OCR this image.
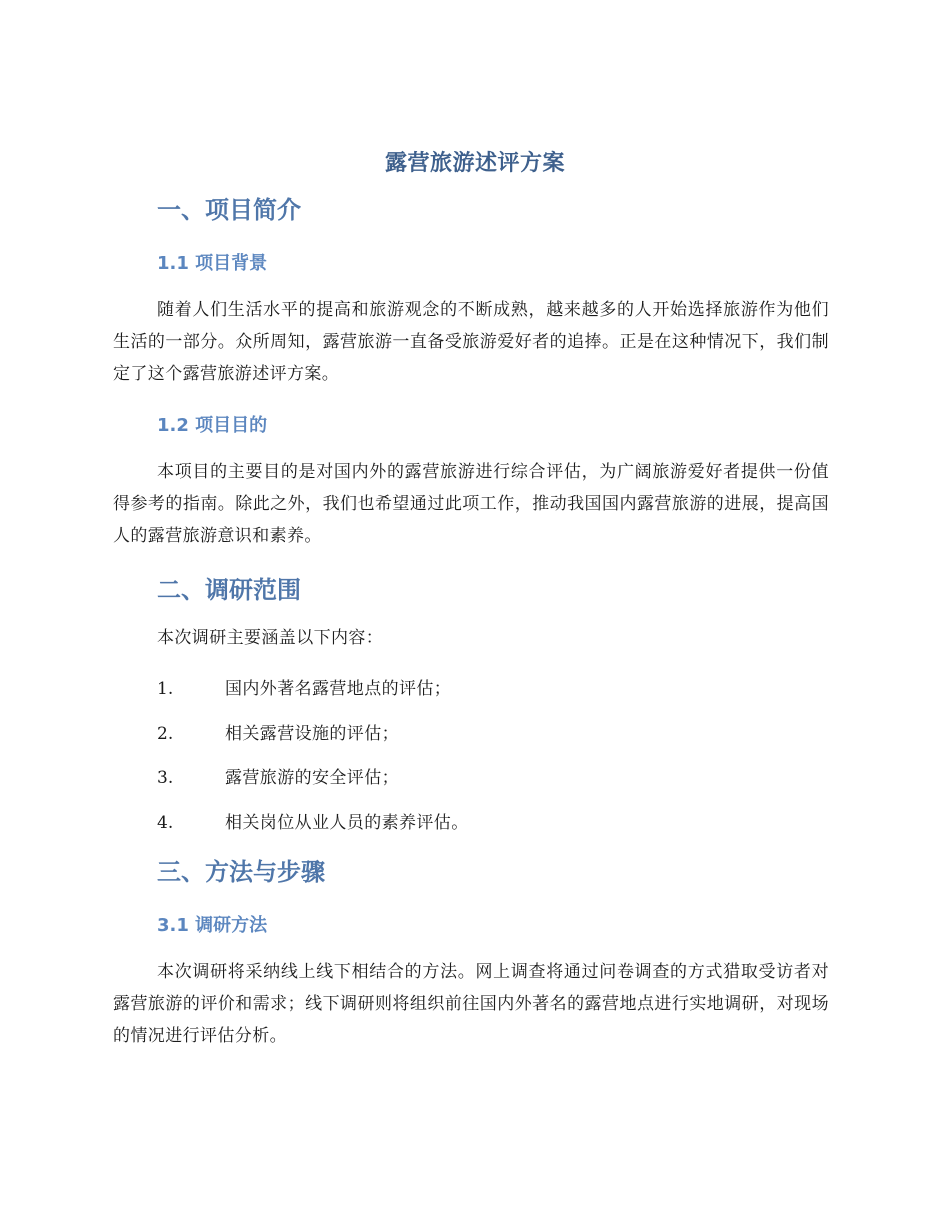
露营旅游述评方案
一、项目简介
1.1 项目背景
随着人们生活水平的提高和旅游观念的不断成熟，越来越多的人开始选择旅游作为他们生活的一部分。众所周知，露营旅游一直备受旅游爱好者的追捧。正是在这种情况下，我们制定了这个露营旅游述评方案。
1.2 项目目的
本项目的主要目的是对国内外的露营旅游进行综合评估，为广阔旅游爱好者提供一份值得参考的指南。除此之外，我们也希望通过此项工作，推动我国国内露营旅游的进展，提高国人的露营旅游意识和素养。
二、调研范围
本次调研主要涵盖以下内容：
1.	国内外著名露营地点的评估；
2.	相关露营设施的评估；
3.	露营旅游的安全评估；
4.	相关岗位从业人员的素养评估。
三、方法与步骤
3.1 调研方法
本次调研将采纳线上线下相结合的方法。网上调查将通过问卷调查的方式猎取受访者对露营旅游的评价和需求；线下调研则将组织前往国内外著名的露营地点进行实地调研，对现场的情况进行评估分析。
